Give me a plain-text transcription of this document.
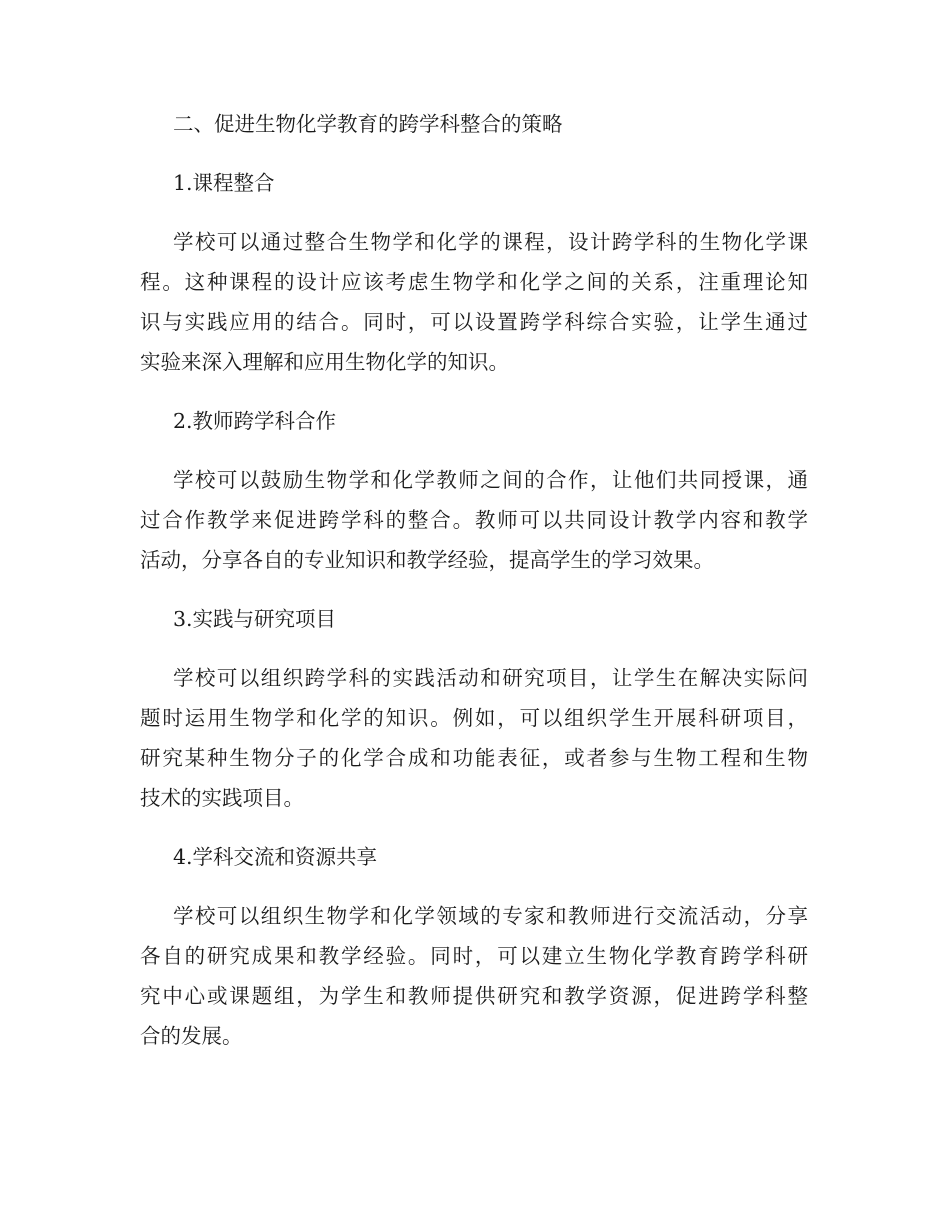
二、促进生物化学教育的跨学科整合的策略
1.课程整合

学校可以通过整合生物学和化学的课程，设计跨学科的生物化学课
程。这种课程的设计应该考虑生物学和化学之间的关系，注重理论知
识与实践应用的结合。同时，可以设置跨学科综合实验，让学生通过
实验来深入理解和应用生物化学的知识。

2.教师跨学科合作

学校可以鼓励生物学和化学教师之间的合作，让他们共同授课，通
过合作教学来促进跨学科的整合。教师可以共同设计教学内容和教学
活动，分享各自的专业知识和教学经验，提高学生的学习效果。

3.实践与研究项目

学校可以组织跨学科的实践活动和研究项目，让学生在解决实际问
题时运用生物学和化学的知识。例如，可以组织学生开展科研项目，
研究某种生物分子的化学合成和功能表征，或者参与生物工程和生物
技术的实践项目。

4.学科交流和资源共享

学校可以组织生物学和化学领域的专家和教师进行交流活动，分享
各自的研究成果和教学经验。同时，可以建立生物化学教育跨学科研
究中心或课题组，为学生和教师提供研究和教学资源，促进跨学科整
合的发展。
